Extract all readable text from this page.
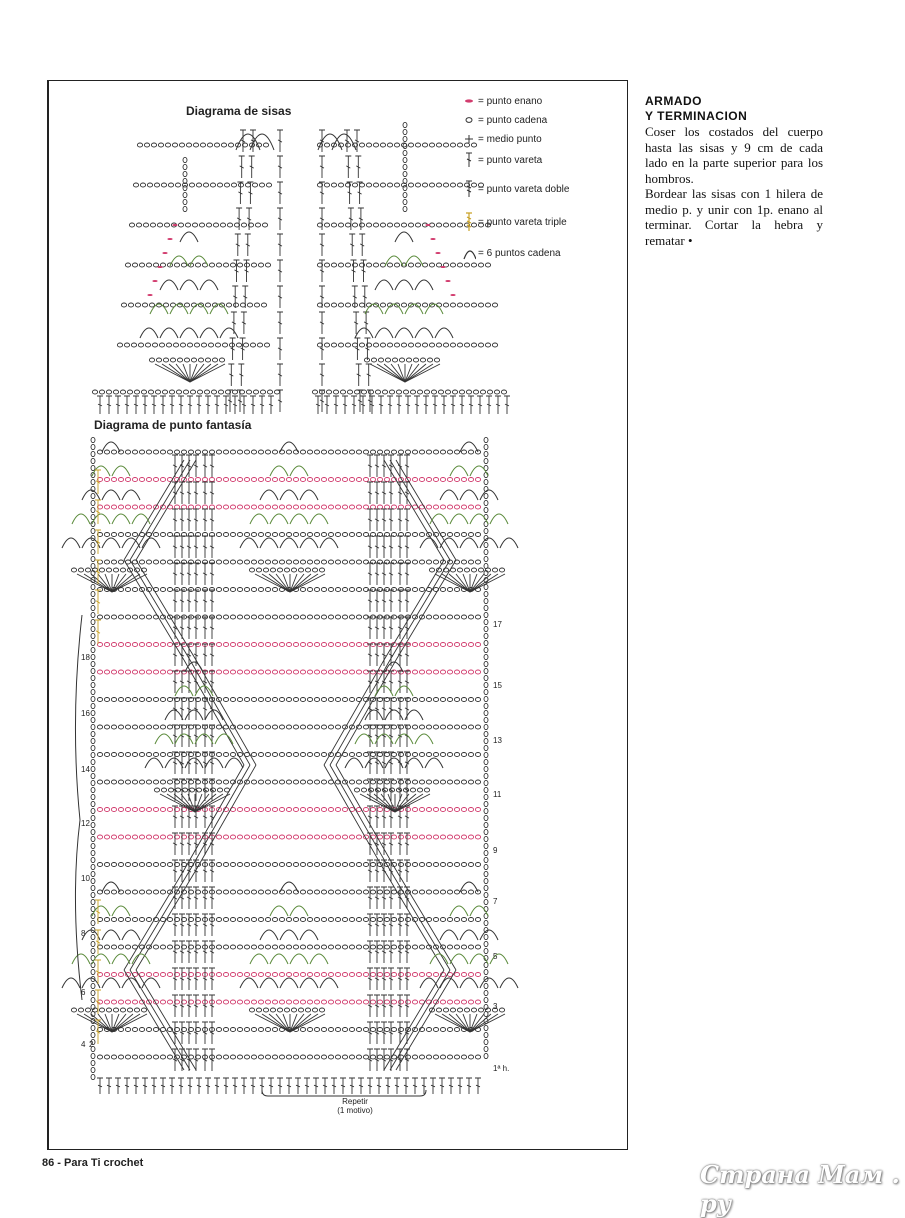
Diagrama de sisas
Diagrama de punto fantasía
= punto enano
= punto cadena
= medio punto
= punto vareta
= punto vareta doble
= punto vareta triple
= 6 puntos cadena
17
15
13
11
9
7
5
3
1ª h.
18
16
14
12
10
8
6
4 2
Repetir
(1 motivo)
ARMADO
Y TERMINACION
Coser los costados del cuerpo hasta las sisas y 9 cm de cada lado en la parte superior para los hombros.
Bordear las sisas con 1 hilera de medio p. y unir con 1p. enano al terminar. Cortar la hebra y rematar •
86 - Para Ti crochet	Страна Мам . ру
